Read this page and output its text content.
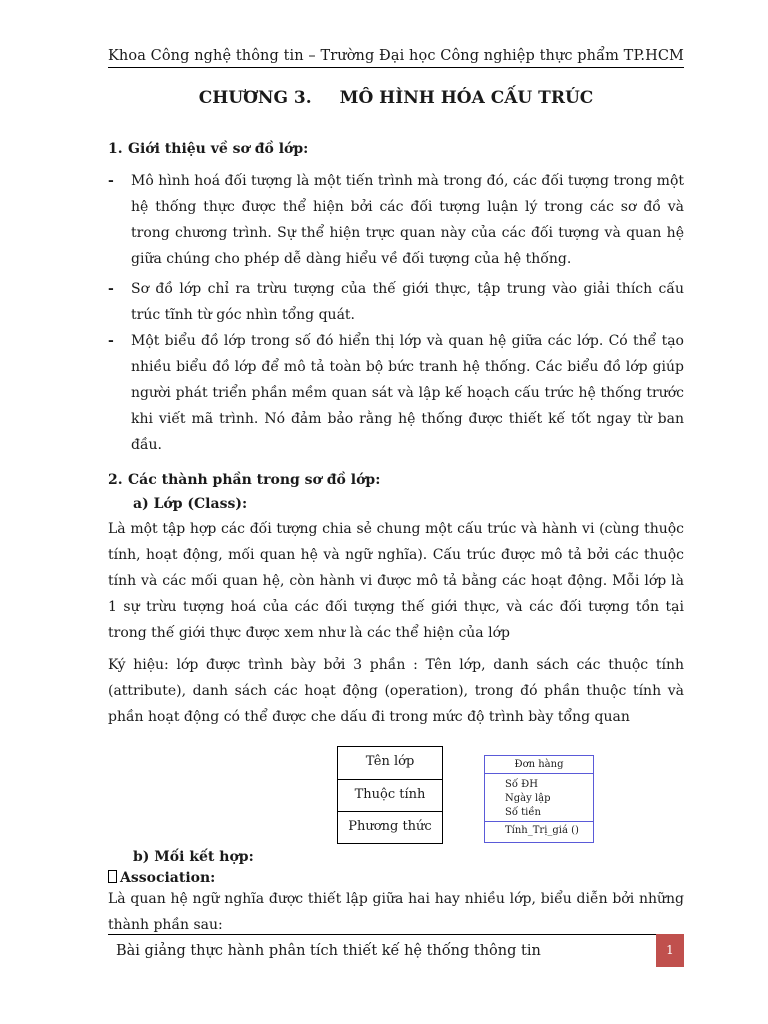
Khoa Công nghệ thông tin – Trường Đại học Công nghiệp thực phẩm TP.HCM
CHƯƠNG 3. MÔ HÌNH HÓA CẤU TRÚC
1. Giới thiệu về sơ đồ lớp:
- Mô hình hoá đối tượng là một tiến trình mà trong đó, các đối tượng trong một hệ thống thực được thể hiện bởi các đối tượng luận lý trong các sơ đồ và trong chương trình. Sự thể hiện trực quan này của các đối tượng và quan hệ giữa chúng cho phép dễ dàng hiểu về đối tượng của hệ thống.
- Sơ đồ lớp chỉ ra trừu tượng của thế giới thực, tập trung vào giải thích cấu trúc tĩnh từ góc nhìn tổng quát.
- Một biểu đồ lớp trong số đó hiển thị lớp và quan hệ giữa các lớp. Có thể tạo nhiều biểu đồ lớp để mô tả toàn bộ bức tranh hệ thống. Các biểu đồ lớp giúp người phát triển phần mềm quan sát và lập kế hoạch cấu trức hệ thống trước khi viết mã trình. Nó đảm bảo rằng hệ thống được thiết kế tốt ngay từ ban đầu.
2. Các thành phần trong sơ đồ lớp:
a) Lớp (Class):
Là một tập hợp các đối tượng chia sẻ chung một cấu trúc và hành vi (cùng thuộc tính, hoạt động, mối quan hệ và ngữ nghĩa). Cấu trúc được mô tả bởi các thuộc tính và các mối quan hệ, còn hành vi được mô tả bằng các hoạt động. Mỗi lớp là 1 sự trừu tượng hoá của các đối tượng thế giới thực, và các đối tượng tồn tại trong thế giới thực được xem như là các thể hiện của lớp
Ký hiệu: lớp được trình bày bởi 3 phần : Tên lớp, danh sách các thuộc tính (attribute), danh sách các hoạt động (operation), trong đó phần thuộc tính và phần hoạt động có thể được che dấu đi trong mức độ trình bày tổng quan
Tên lớp
Thuộc tính
Phương thức
Đơn hàng
Số ĐH
Ngày lập
Số tiền
Tính_Trị_giá ()
b) Mối kết hợp:
Association:
Là quan hệ ngữ nghĩa được thiết lập giữa hai hay nhiều lớp, biểu diễn bởi những thành phần sau:
Bài giảng thực hành phân tích thiết kế hệ thống thông tin	1
